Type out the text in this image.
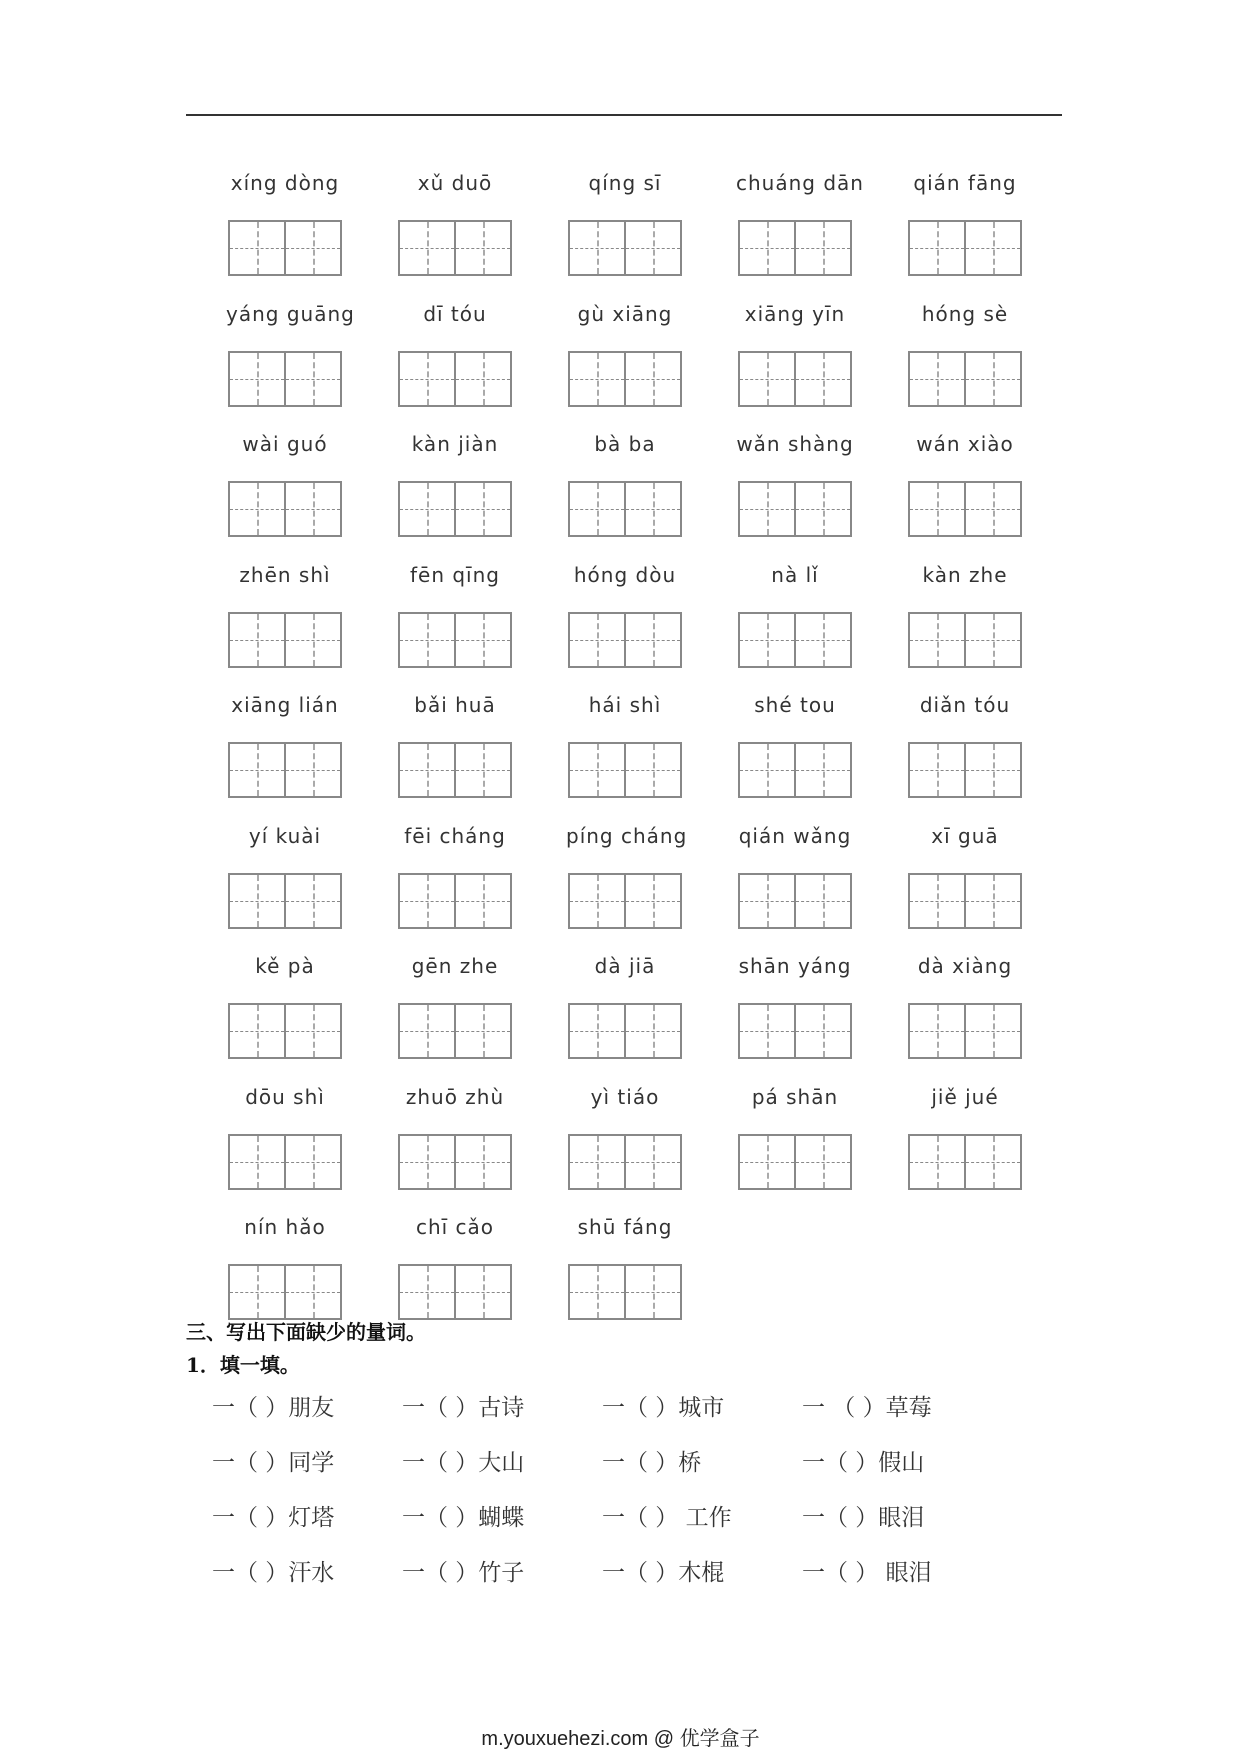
xíng dòng	xǔ duō	qíng sī	chuáng dān	qián fāng
yáng guāng	dī tóu	gù xiāng	xiāng yīn	hóng sè
wài guó	kàn jiàn	bà ba	wǎn shàng	wán xiào
zhēn shì	fēn qīng	hóng dòu	nà lǐ	kàn zhe
xiāng lián	bǎi huā	hái shì	shé tou	diǎn tóu
yí kuài	fēi cháng	píng cháng	qián wǎng	xī guā
kě pà	gēn zhe	dà jiā	shān yáng	dà xiàng
dōu shì	zhuō zhù	yì tiáo	pá shān	jiě jué
nín hǎo	chī cǎo	shū fáng
三、写出下面缺少的量词。
1．填一填。
一（ ）朋友	一（ ）古诗	一（ ）城市	一 （ ）草莓
一（ ）同学	一（ ）大山	一（ ）桥	一（ ）假山
一（ ）灯塔	一（ ）蝴蝶	一（ ） 工作	一（ ）眼泪
一（ ）汗水	一（ ）竹子	一（ ）木棍	一（ ） 眼泪
m.youxuehezi.com @ 优学盒子
